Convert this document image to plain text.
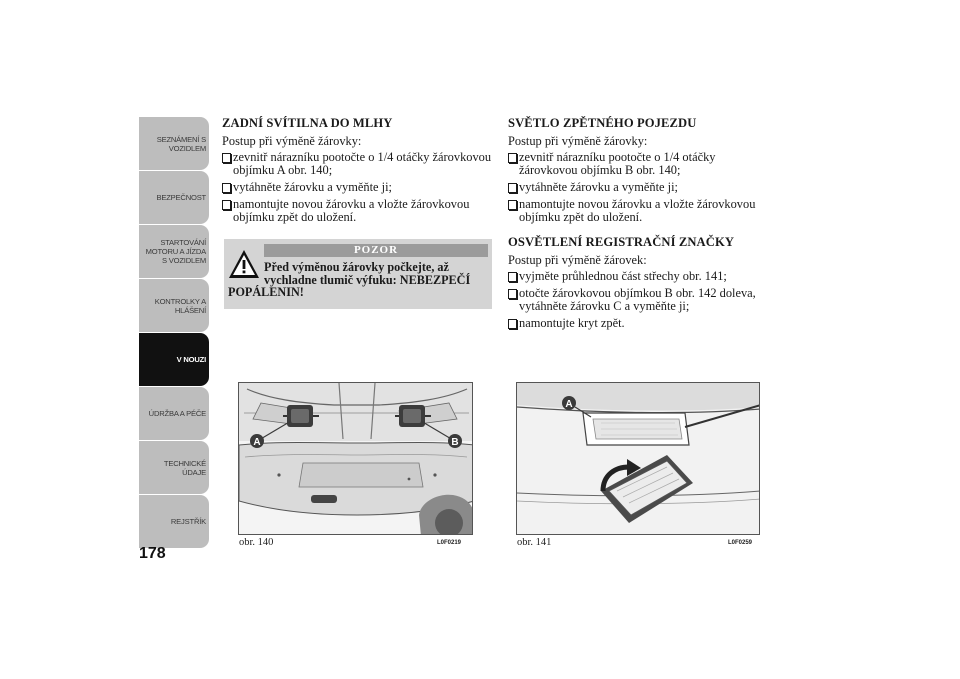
SEZNÁMENÍ S
VOZIDLEM
BEZPEČNOST
STARTOVÁNÍ
MOTORU A JÍZDA
S VOZIDLEM
KONTROLKY A
HLÁŠENÍ
V NOUZI
ÚDRŽBA A PÉČE
TECHNICKÉ
ÚDAJE
REJSTŘÍK
178
ZADNÍ SVÍTILNA DO MLHY

Postup při výměně žárovky:

zevnitř nárazníku pootočte o 1/4 otáčky žárovkovou objímku A obr. 140;
vytáhněte žárovku a vyměňte ji;
namontujte novou žárovku a vložte žárovkovou objímku zpět do uložení.
POZOR
Před výměnou žárovky počkejte, až
vychladne tlumič výfuku: NEBEZPEČÍ
POPÁLENIN!
SVĚTLO ZPĚTNÉHO POJEZDU

Postup při výměně žárovky:

zevnitř nárazníku pootočte o 1/4 otáčky žárovkovou objímku B obr. 140;
vytáhněte žárovku a vyměňte ji;
namontujte novou žárovku a vložte žárovkovou objímku zpět do uložení.
OSVĚTLENÍ REGISTRAČNÍ ZNAČKY

Postup při výměně žárovek:

vyjměte průhlednou část střechy obr. 141;
otočte žárovkovou objímkou B obr. 142 doleva, vytáhněte žárovku C a vyměňte ji;
namontujte kryt zpět.
A	B
obr. 140	L0F0219
A
obr. 141	L0F0259
